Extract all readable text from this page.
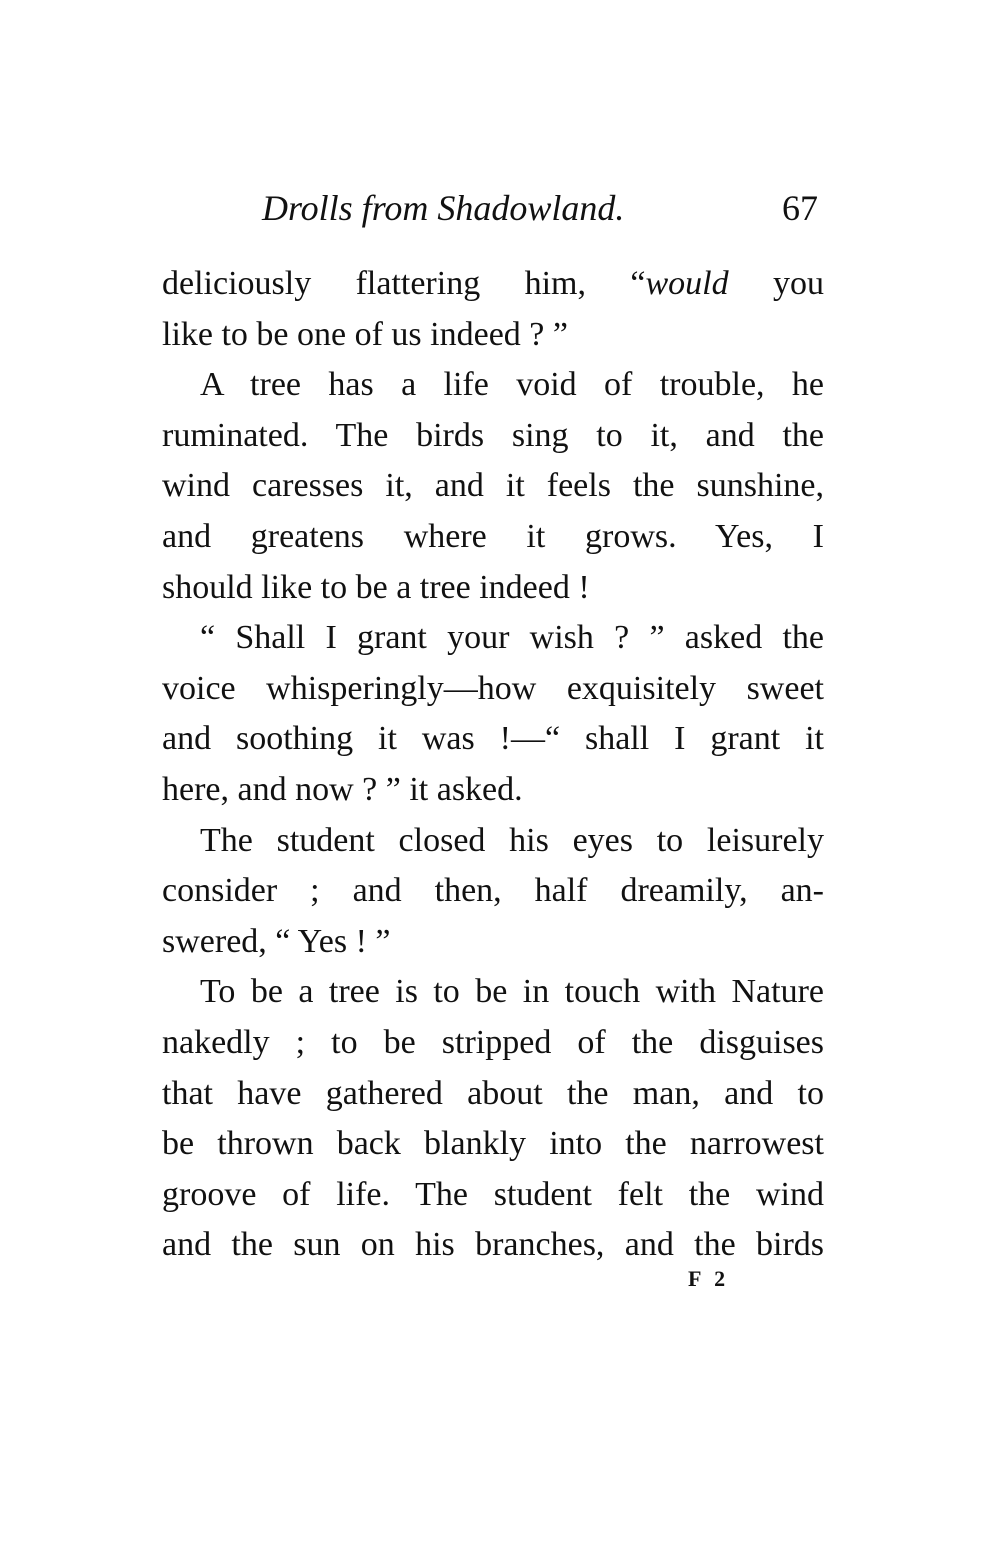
Drolls from Shadowland.	67
deliciously flattering him, “would you
like to be one of us indeed ? ”
A tree has a life void of trouble, he
ruminated. The birds sing to it, and the
wind caresses it, and it feels the sunshine,
and greatens where it grows. Yes, I
should like to be a tree indeed !
“ Shall I grant your wish ? ” asked the
voice whisperingly—how exquisitely sweet
and soothing it was !—“ shall I grant it
here, and now ? ” it asked.
The student closed his eyes to leisurely
consider ; and then, half dreamily, an-
swered, “ Yes ! ”
To be a tree is to be in touch with Nature
nakedly ; to be stripped of the disguises
that have gathered about the man, and to
be thrown back blankly into the narrowest
groove of life. The student felt the wind
and the sun on his branches, and the birds
F 2
